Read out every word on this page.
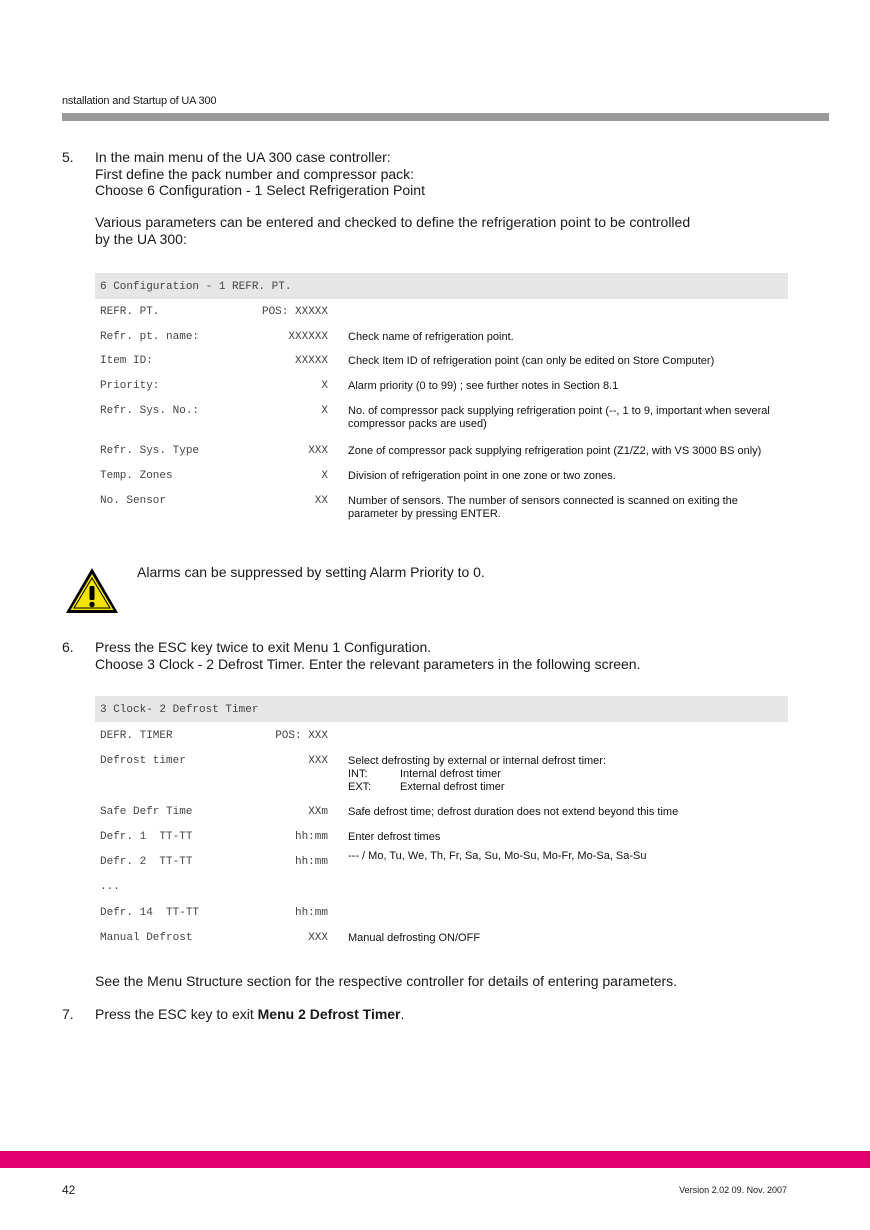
nstallation and Startup of UA 300
5. In the main menu of the UA 300 case controller:
First define the pack number and compressor pack:
Choose 6 Configuration - 1 Select Refrigeration Point
Various parameters can be entered and checked to define the refrigeration point to be controlled
by the UA 300:
6 Configuration - 1 REFR. PT.
REFR. PT.	POS: XXXXX
Refr. pt. name:	XXXXXX Check name of refrigeration point.
Item ID:	XXXXX Check Item ID of refrigeration point (can only be edited on Store Computer)
Priority:	X Alarm priority (0 to 99) ; see further notes in Section 8.1
Refr. Sys. No.:	X No. of compressor pack supplying refrigeration point (--, 1 to 9, important when several compressor packs are used)
Refr. Sys. Type	XXX Zone of compressor pack supplying refrigeration point (Z1/Z2, with VS 3000 BS only)
Temp. Zones	X Division of refrigeration point in one zone or two zones.
No. Sensor	XX Number of sensors. The number of sensors connected is scanned on exiting the parameter by pressing ENTER.
Alarms can be suppressed by setting Alarm Priority to 0.
6. Press the ESC key twice to exit Menu 1 Configuration.
Choose 3 Clock - 2 Defrost Timer. Enter the relevant parameters in the following screen.
3 Clock- 2 Defrost Timer
DEFR. TIMER	POS: XXX
Defrost timer	XXX Select defrosting by external or internal defrost timer:
INT:	Internal defrost timer
EXT:	External defrost timer
Safe Defr Time	XXm Safe defrost time; defrost duration does not extend beyond this time
Defr. 1  TT-TT	hh:mm Enter defrost times
Defr. 2  TT-TT	hh:mm --- / Mo, Tu, We, Th, Fr, Sa, Su, Mo-Su, Mo-Fr, Mo-Sa, Sa-Su
...
Defr. 14  TT-TT	hh:mm
Manual Defrost	XXX Manual defrosting ON/OFF
See the Menu Structure section for the respective controller for details of entering parameters.
7. Press the ESC key to exit Menu 2 Defrost Timer.
42	Version 2.02 09. Nov. 2007
